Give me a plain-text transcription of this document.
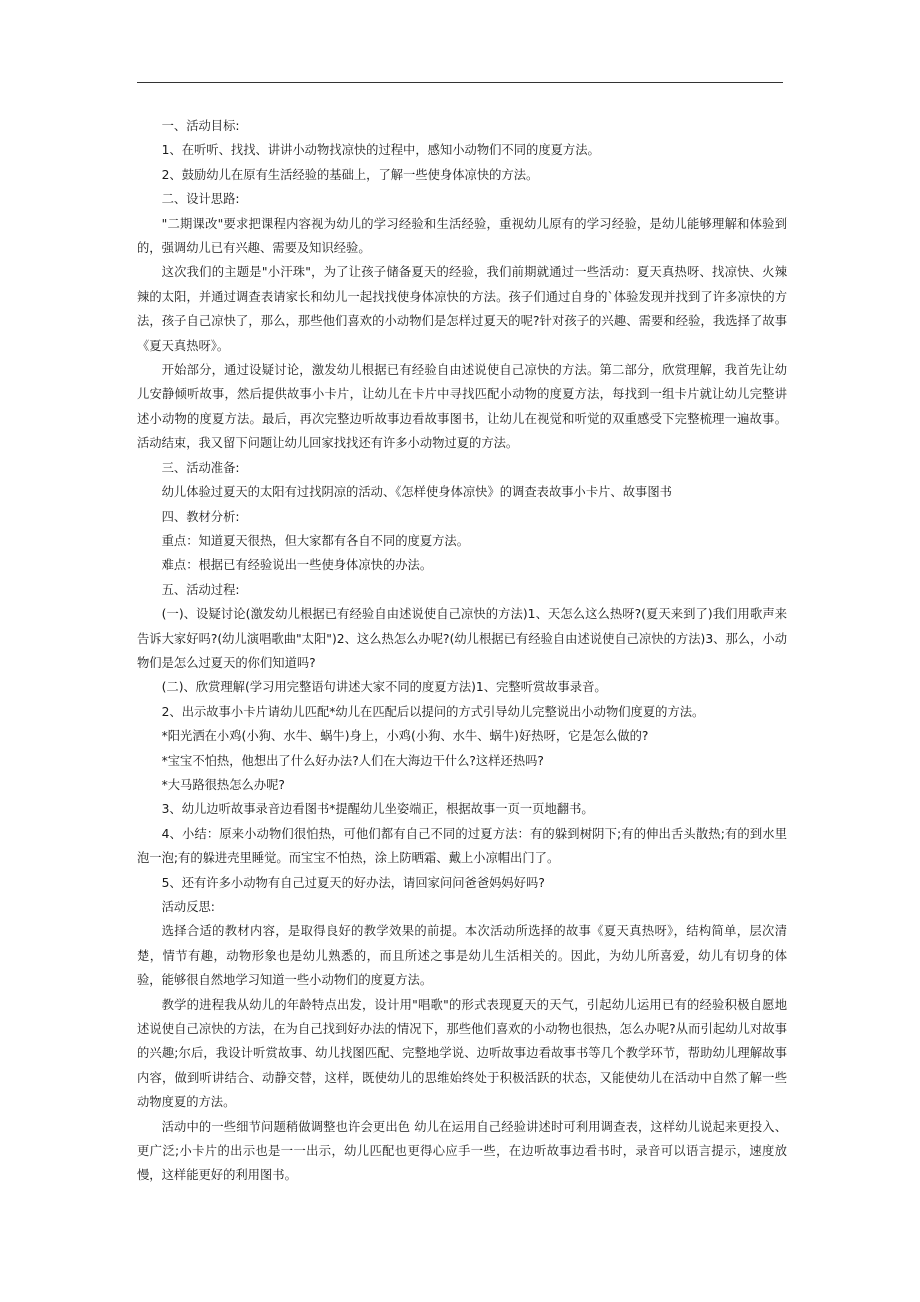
一、活动目标:

1、在听听、找找、讲讲小动物找凉快的过程中，感知小动物们不同的度夏方法。

2、鼓励幼儿在原有生活经验的基础上，了解一些使身体凉快的方法。

二、设计思路:

"二期课改"要求把课程内容视为幼儿的学习经验和生活经验，重视幼儿原有的学习经验，是幼儿能够理解和体验到的，强调幼儿已有兴趣、需要及知识经验。

这次我们的主题是"小汗珠"，为了让孩子储备夏天的经验，我们前期就通过一些活动：夏天真热呀、找凉快、火辣辣的太阳，并通过调查表请家长和幼儿一起找找使身体凉快的方法。孩子们通过自身的`体验发现并找到了许多凉快的方法，孩子自己凉快了，那么，那些他们喜欢的小动物们是怎样过夏天的呢?针对孩子的兴趣、需要和经验，我选择了故事《夏天真热呀》。

开始部分，通过设疑讨论，激发幼儿根据已有经验自由述说使自己凉快的方法。第二部分，欣赏理解，我首先让幼儿安静倾听故事，然后提供故事小卡片，让幼儿在卡片中寻找匹配小动物的度夏方法，每找到一组卡片就让幼儿完整讲述小动物的度夏方法。最后，再次完整边听故事边看故事图书，让幼儿在视觉和听觉的双重感受下完整梳理一遍故事。活动结束，我又留下问题让幼儿回家找找还有许多小动物过夏的方法。

三、活动准备:

幼儿体验过夏天的太阳有过找阴凉的活动、《怎样使身体凉快》的调查表故事小卡片、故事图书

四、教材分析:

重点：知道夏天很热，但大家都有各自不同的度夏方法。

难点：根据已有经验说出一些使身体凉快的办法。

五、活动过程:

(一)、设疑讨论(激发幼儿根据已有经验自由述说使自己凉快的方法)1、天怎么这么热呀?(夏天来到了)我们用歌声来告诉大家好吗?(幼儿演唱歌曲"太阳")2、这么热怎么办呢?(幼儿根据已有经验自由述说使自己凉快的方法)3、那么，小动物们是怎么过夏天的你们知道吗?

(二)、欣赏理解(学习用完整语句讲述大家不同的度夏方法)1、完整听赏故事录音。

2、出示故事小卡片请幼儿匹配*幼儿在匹配后以提问的方式引导幼儿完整说出小动物们度夏的方法。

*阳光洒在小鸡(小狗、水牛、蜗牛)身上，小鸡(小狗、水牛、蜗牛)好热呀，它是怎么做的?

*宝宝不怕热，他想出了什么好办法?人们在大海边干什么?这样还热吗?

*大马路很热怎么办呢?

3、幼儿边听故事录音边看图书*提醒幼儿坐姿端正，根据故事一页一页地翻书。

4、小结：原来小动物们很怕热，可他们都有自己不同的过夏方法：有的躲到树阴下;有的伸出舌头散热;有的到水里泡一泡;有的躲进壳里睡觉。而宝宝不怕热，涂上防晒霜、戴上小凉帽出门了。

5、还有许多小动物有自己过夏天的好办法，请回家问问爸爸妈妈好吗?

活动反思:

选择合适的教材内容，是取得良好的教学效果的前提。本次活动所选择的故事《夏天真热呀》，结构简单，层次清楚，情节有趣，动物形象也是幼儿熟悉的，而且所述之事是幼儿生活相关的。因此，为幼儿所喜爱，幼儿有切身的体验，能够很自然地学习知道一些小动物们的度夏方法。

教学的进程我从幼儿的年龄特点出发，设计用"唱歌"的形式表现夏天的天气，引起幼儿运用已有的经验积极自愿地述说使自己凉快的方法，在为自己找到好办法的情况下，那些他们喜欢的小动物也很热，怎么办呢?从而引起幼儿对故事的兴趣;尔后，我设计听赏故事、幼儿找图匹配、完整地学说、边听故事边看故事书等几个教学环节，帮助幼儿理解故事内容，做到听讲结合、动静交替，这样，既使幼儿的思维始终处于积极活跃的状态，又能使幼儿在活动中自然了解一些动物度夏的方法。

活动中的一些细节问题稍做调整也许会更出色 幼儿在运用自己经验讲述时可利用调查表，这样幼儿说起来更投入、更广泛;小卡片的出示也是一一出示，幼儿匹配也更得心应手一些，在边听故事边看书时，录音可以语言提示，速度放慢，这样能更好的利用图书。
